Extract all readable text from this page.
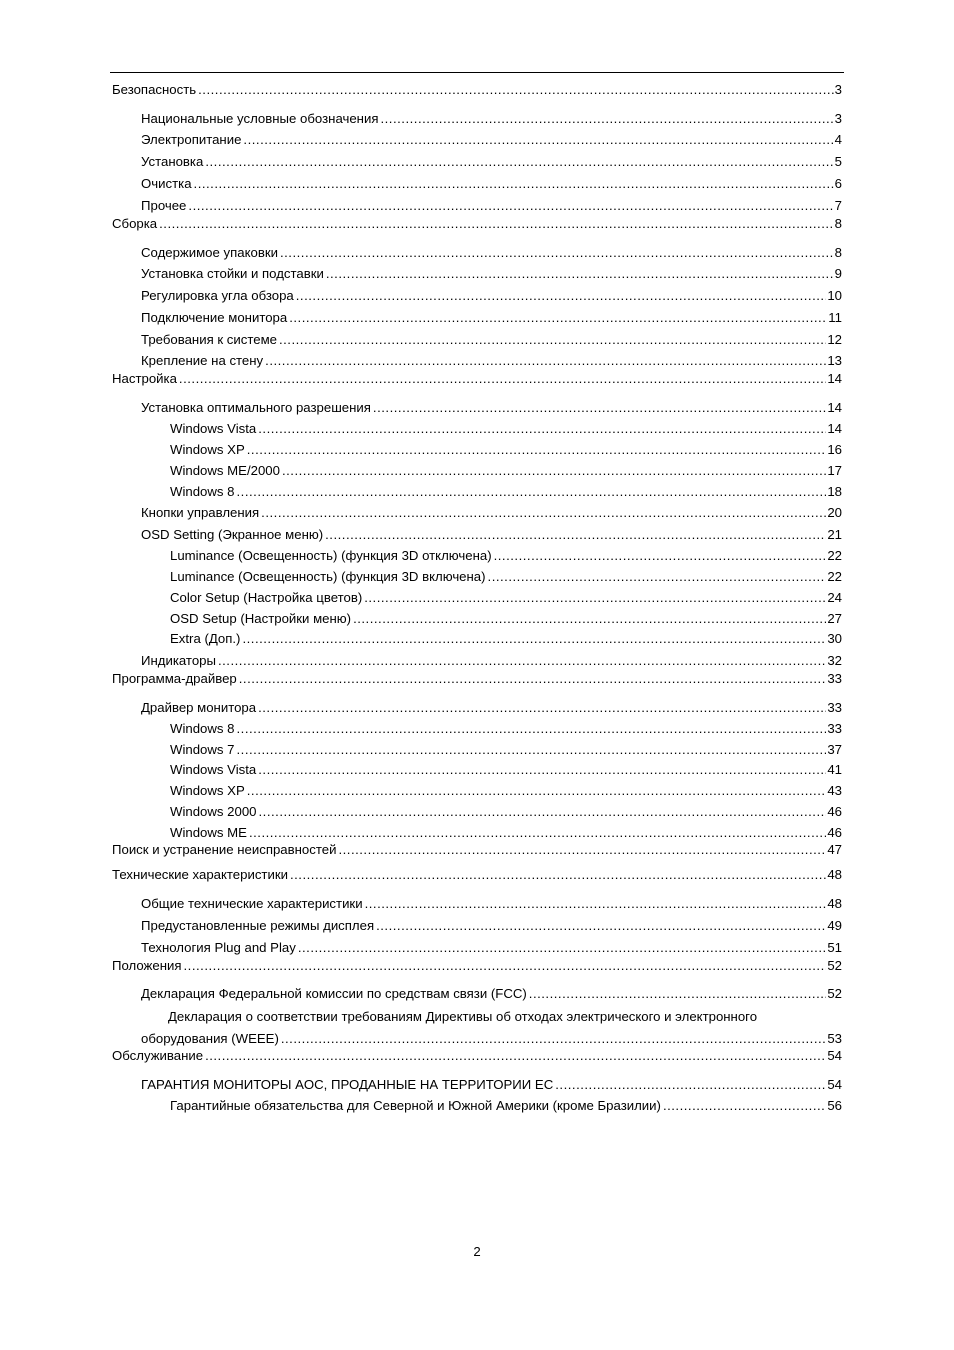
Безопасность .....	3
Национальные условные обозначения .....	3
Электропитание .....	4
Установка .....	5
Очистка .....	6
Прочее .....	7
Сборка .....	8
Содержимое упаковки .....	8
Установка стойки и подставки .....	9
Регулировка угла обзора .....	10
Подключение монитора .....	11
Требования к системе .....	12
Крепление на стену .....	13
Настройка .....	14
Установка оптимального разрешения .....	14
Windows Vista .....	14
Windows XP .....	16
Windows ME/2000 .....	17
Windows 8 .....	18
Кнопки управления .....	20
OSD Setting (Экранное меню) .....	21
Luminance (Освещенность) (функция 3D отключена) .....	22
Luminance (Освещенность) (функция 3D включена) .....	22
Color Setup (Настройка цветов) .....	24
OSD Setup (Настройки меню) .....	27
Extra (Доп.) .....	30
Индикаторы .....	32
Программа-драйвер .....	33
Драйвер монитора .....	33
Windows 8 .....	33
Windows 7 .....	37
Windows Vista .....	41
Windows XP .....	43
Windows 2000 .....	46
Windows ME .....	46
Поиск и устранение неисправностей .....	47
Технические характеристики .....	48
Общие технические характеристики .....	48
Предустановленные режимы дисплея .....	49
Технология Plug and Play .....	51
Положения .....	52
Декларация Федеральной комиссии по средствам связи (FCC) .....	52
Декларация о соответствии требованиям Директивы об отходах электрического и электронного
оборудования (WEEE) .....	53
Обслуживание .....	54
ГАРАНТИЯ МОНИТОРЫ AOC, ПРОДАННЫЕ НА ТЕРРИТОРИИ ЕС .....	54
Гарантийные обязательства для Северной и Южной Америки (кроме Бразилии) .....	56
2
